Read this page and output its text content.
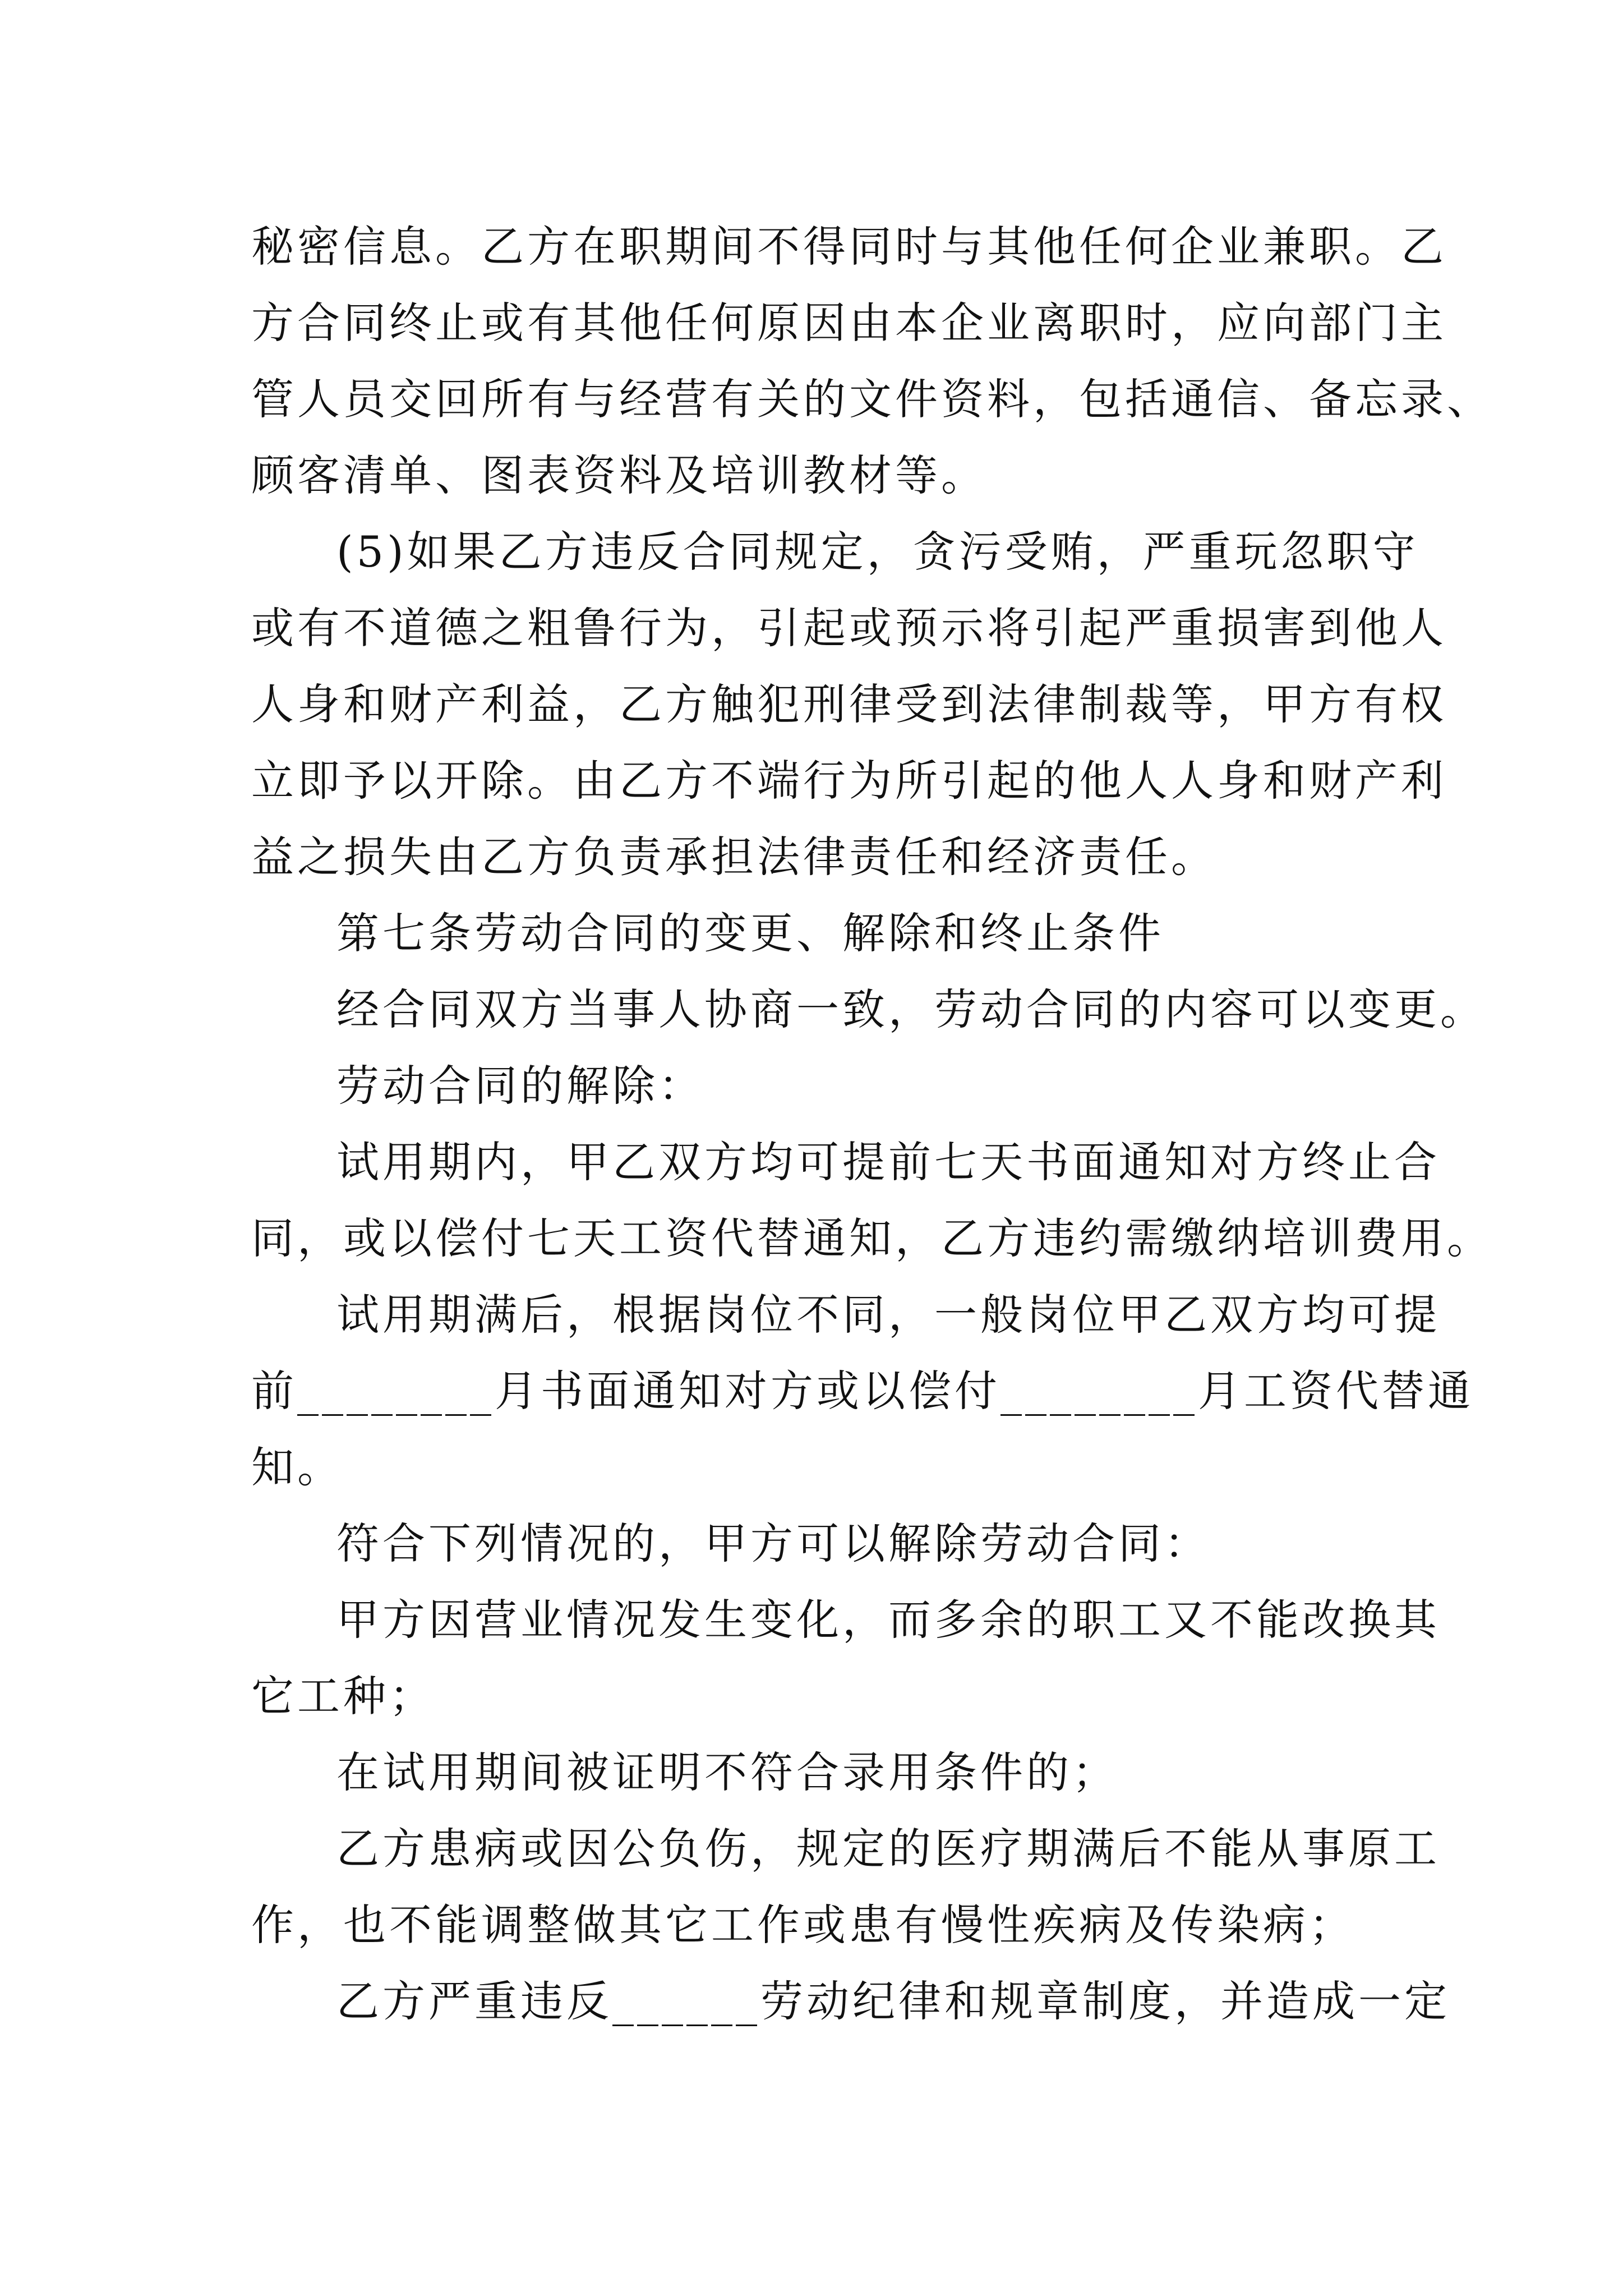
秘密信息。乙方在职期间不得同时与其他任何企业兼职。乙
方合同终止或有其他任何原因由本企业离职时，应向部门主
管人员交回所有与经营有关的文件资料，包括通信、备忘录、
顾客清单、图表资料及培训教材等。
(5)如果乙方违反合同规定，贪污受贿，严重玩忽职守
或有不道德之粗鲁行为，引起或预示将引起严重损害到他人
人身和财产利益，乙方触犯刑律受到法律制裁等，甲方有权
立即予以开除。由乙方不端行为所引起的他人人身和财产利
益之损失由乙方负责承担法律责任和经济责任。
第七条劳动合同的变更、解除和终止条件
经合同双方当事人协商一致，劳动合同的内容可以变更。
劳动合同的解除：
试用期内，甲乙双方均可提前七天书面通知对方终止合
同，或以偿付七天工资代替通知，乙方违约需缴纳培训费用。
试用期满后，根据岗位不同，一般岗位甲乙双方均可提
前________月书面通知对方或以偿付________月工资代替通
知。
符合下列情况的，甲方可以解除劳动合同：
甲方因营业情况发生变化，而多余的职工又不能改换其
它工种；
在试用期间被证明不符合录用条件的；
乙方患病或因公负伤，规定的医疗期满后不能从事原工
作，也不能调整做其它工作或患有慢性疾病及传染病；
乙方严重违反______劳动纪律和规章制度，并造成一定
